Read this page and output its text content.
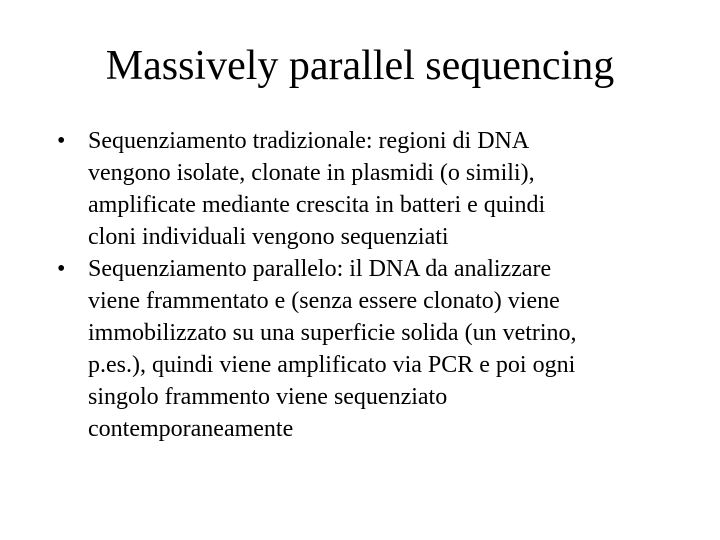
Massively parallel sequencing
• Sequenziamento tradizionale: regioni di DNA
vengono isolate, clonate in plasmidi (o simili),
amplificate mediante crescita in batteri e quindi
cloni individuali vengono sequenziati
• Sequenziamento parallelo: il DNA da analizzare
viene frammentato e (senza essere clonato) viene
immobilizzato su una superficie solida (un vetrino,
p.es.), quindi viene amplificato via PCR e poi ogni
singolo frammento viene sequenziato
contemporaneamente
